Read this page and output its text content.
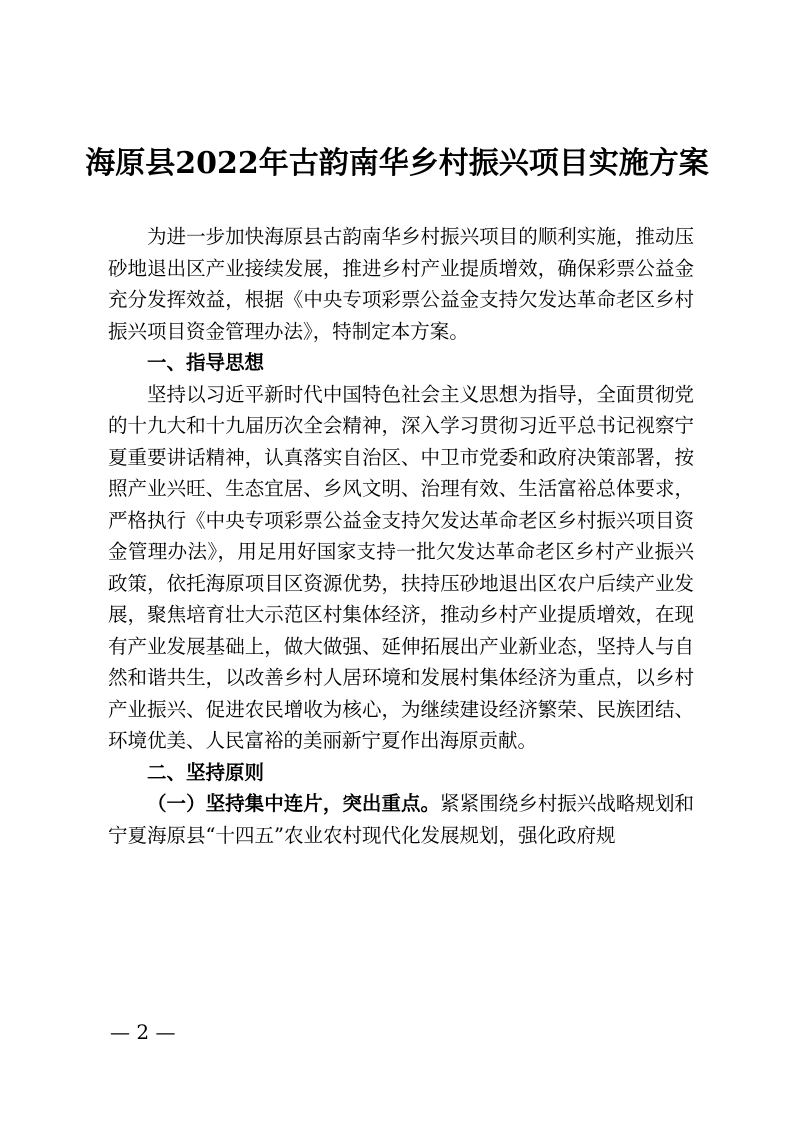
海原县2022年古韵南华乡村振兴项目实施方案

为进一步加快海原县古韵南华乡村振兴项目的顺利实施，推动压砂地退出区产业接续发展，推进乡村产业提质增效，确保彩票公益金充分发挥效益，根据《中央专项彩票公益金支持欠发达革命老区乡村振兴项目资金管理办法》，特制定本方案。

一、指导思想

坚持以习近平新时代中国特色社会主义思想为指导，全面贯彻党的十九大和十九届历次全会精神，深入学习贯彻习近平总书记视察宁夏重要讲话精神，认真落实自治区、中卫市党委和政府决策部署，按照产业兴旺、生态宜居、乡风文明、治理有效、生活富裕总体要求，严格执行《中央专项彩票公益金支持欠发达革命老区乡村振兴项目资金管理办法》，用足用好国家支持一批欠发达革命老区乡村产业振兴政策，依托海原项目区资源优势，扶持压砂地退出区农户后续产业发展，聚焦培育壮大示范区村集体经济，推动乡村产业提质增效，在现有产业发展基础上，做大做强、延伸拓展出产业新业态，坚持人与自然和谐共生，以改善乡村人居环境和发展村集体经济为重点，以乡村产业振兴、促进农民增收为核心，为继续建设经济繁荣、民族团结、环境优美、人民富裕的美丽新宁夏作出海原贡献。

二、坚持原则

（一）坚持集中连片，突出重点。紧紧围绕乡村振兴战略规划和宁夏海原县“十四五”农业农村现代化发展规划，强化政府规

— 2 —
